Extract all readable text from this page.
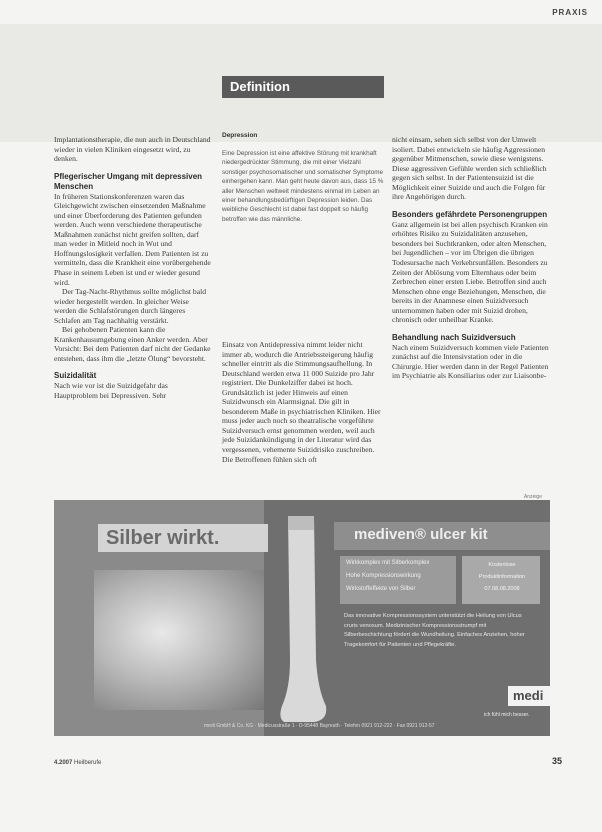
PRAXIS
Definition

Implantationstherapie, die nun auch in Deutschland wieder in vielen Kliniken eingesetzt wird, zu denken.

Pflegerischer Umgang mit depressiven Menschen

In früheren Stationskonferenzen waren das Gleichgewicht zwischen einsetzenden Maßnahme und einer Überforderung des Patienten gefunden werden. Auch wenn verschiedene therapeutische Maßnahmen zunächst nicht greifen sollten, darf man weder in Mitleid noch in Wut und Hoffnungslosigkeit verfallen. Dem Patienten ist zu vermitteln, dass die Krankheit eine vorübergehende Phase in seinem Leben ist und er wieder gesund wird.

Der Tag-Nacht-Rhythmus sollte möglichst bald wieder hergestellt werden. In gleicher Weise werden die Schlafstörungen durch längeres Schlafen am Tag nachhaltig verstärkt.

Bei gehobenen Patienten kann die Krankenhausumgebung einen Anker werden. Aber Vorsicht: Bei dem Patienten darf nicht der Gedanke entstehen, dass ihm die „letzte Ölung“ bevorsteht.

Suizidalität

Nach wie vor ist die Suizidgefahr das Hauptproblem bei Depressiven. Sehr

Depression
Eine Depression ist eine affektive Störung mit krankhaft niedergedrückter Stimmung, die mit einer Vielzahl sonstiger psychosomatischer und somatischer Symptome einhergehen kann. Man geht heute davon aus, dass 15 % aller Menschen weltweit mindestens einmal im Leben an einer behandlungsbedürftigen Depression leiden. Das weibliche Geschlecht ist dabei fast doppelt so häufig betroffen wie das männliche.

Einsatz von Antidepressiva nimmt leider nicht immer ab, wodurch die Antriebssteigerung häufig schneller eintritt als die Stimmungsaufhellung. In Deutschland werden etwa 11 000 Suizide pro Jahr registriert. Die Dunkelziffer dabei ist hoch. Grundsätzlich ist jeder Hinweis auf einen Suizidwunsch ein Alarmsignal. Die gilt in besonderem Maße in psychiatrischen Kliniken. Hier muss jeder auch noch so theatralische vorgeführte Suizidversuch ernst genommen werden, weil auch jede Suizidankündigung in der Literatur wird das vergessenen, vehemente Suizidrisiko zuschreiben. Die Betroffenen fühlen sich oft

nicht einsam, sehen sich selbst von der Umwelt isoliert. Dabei entwickeln sie häufig Aggressionen gegenüber Mitmenschen, sowie diese wenigstens. Diese aggressiven Gefühle werden sich schließlich gegen sich selbst. In der Patientensuizid ist die Möglichkeit einer Suizide und auch die Folgen für ihre Angehörigen durch.

Besonders gefährdete Personengruppen

Ganz allgemein ist bei allen psychisch Kranken ein erhöhtes Risiko zu Suizidalitäten anzusehen, besonders bei Suchtkranken, oder alten Menschen, bei Jugendlichen – vor im Übrigen die übrigen Todesursache nach Verkehrsunfällen. Besonders zu Zeiten der Ablösung vom Elternhaus oder beim Zerbrechen einer ersten Liebe. Betroffen sind auch Menschen ohne enge Beziehungen, Menschen, die bereits in der Anamnese einen Suizidversuch unternommen haben oder mit Suizid drohen, chronisch oder unheilbar Kranke.

Behandlung nach Suizidversuch

Nach einem Suizidversuch kommen viele Patienten zunächst auf die Intensivstation oder in die Chirurgie. Hier werden dann in der Regel Patienten im Psychiatrie als Konsiliarius oder zur Liaisonbe-

Anzeige
Silber wirkt.	mediven® ulcer kit
Wirkkomplex mit Silberkomplex
Hohe Kompressionswirkung
Wirkstoffeffekte von Silber
Kostenlose
Produktinformation
07.08.08.2008
Das innovative Kompressionssystem unterstützt die Heilung von Ulcus cruris venosum. Medizinischer Kompressionsstrumpf mit Silberbeschichtung fördert die Wundheilung. Einfaches Anziehen, hoher Tragekomfort für Patienten und Pflegekräfte.
medi
ich fühl mich besser.
medi GmbH & Co. KG · Medicusstraße 1 · D-95448 Bayreuth · Telefon 0921 912-222 · Fax 0921 912-57
4.2007 Heilberufe	35
